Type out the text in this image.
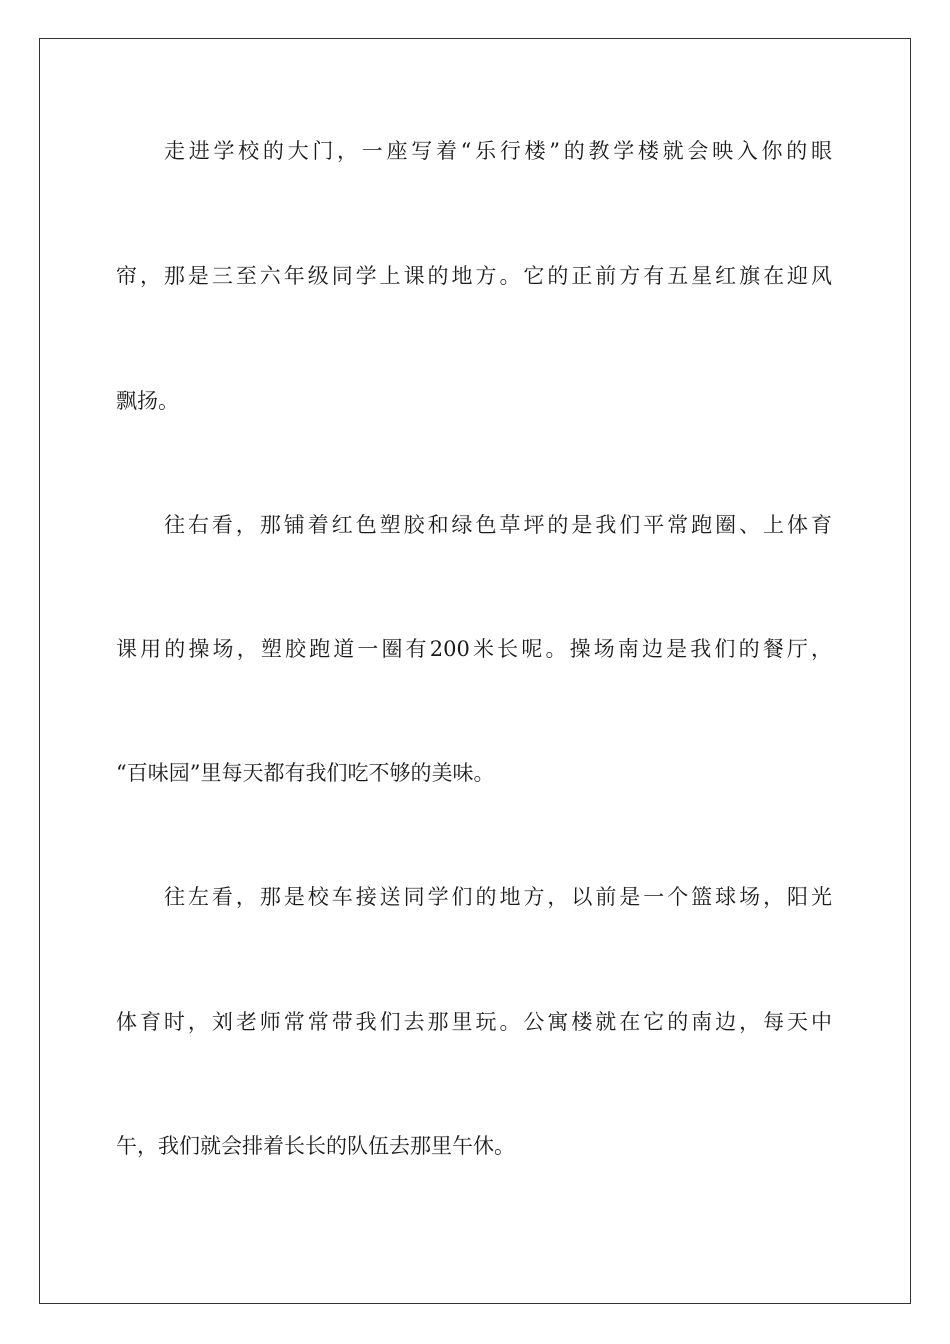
走进学校的大门，一座写着“乐行楼”的教学楼就会映入你的眼
帘，那是三至六年级同学上课的地方。它的正前方有五星红旗在迎风
飘扬。
往右看，那铺着红色塑胶和绿色草坪的是我们平常跑圈、上体育
课用的操场，塑胶跑道一圈有200米长呢。操场南边是我们的餐厅，
“百味园”里每天都有我们吃不够的美味。
往左看，那是校车接送同学们的地方，以前是一个篮球场，阳光
体育时，刘老师常常带我们去那里玩。公寓楼就在它的南边，每天中
午，我们就会排着长长的队伍去那里午休。
